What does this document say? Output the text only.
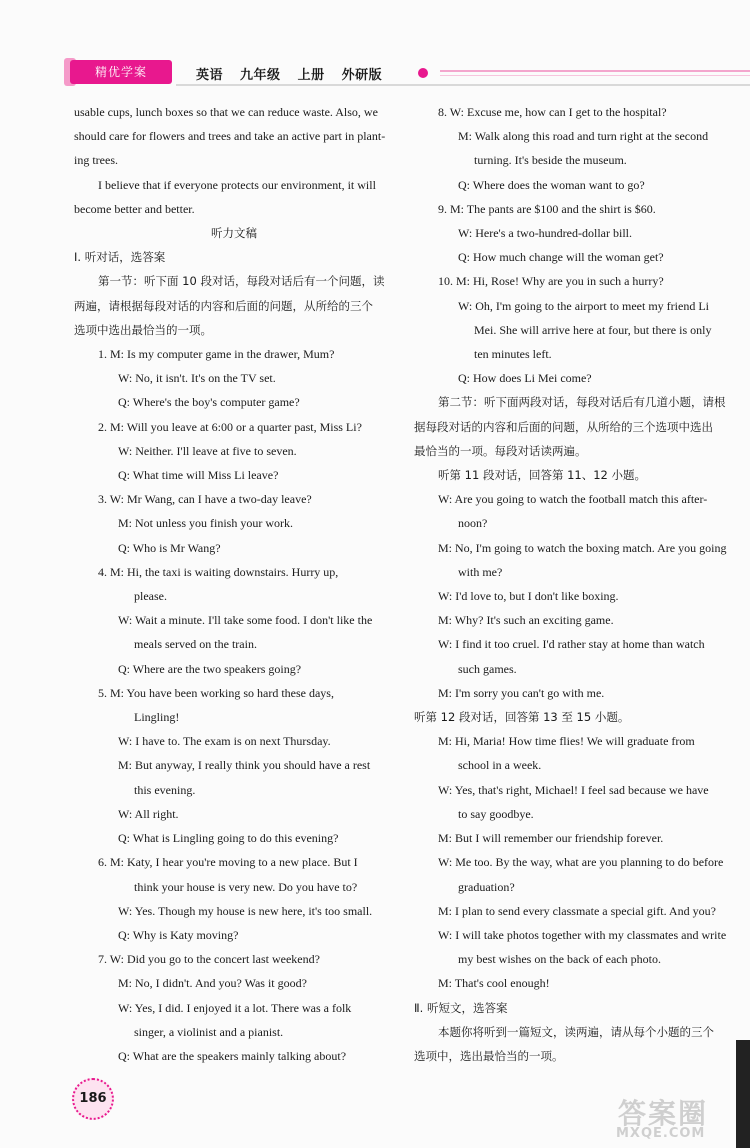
精优学案	英语 九年级 上册 外研版

usable cups, lunch boxes so that we can reduce waste. Also, we

should care for flowers and trees and take an active part in plant-

ing trees.

I believe that if everyone protects our environment, it will

become better and better.

听力文稿

Ⅰ. 听对话，选答案

第一节：听下面 10 段对话，每段对话后有一个问题，读

两遍，请根据每段对话的内容和后面的问题，从所给的三个

选项中选出最恰当的一项。

1. M: Is my computer game in the drawer, Mum?

W: No, it isn't. It's on the TV set.

Q: Where's the boy's computer game?

2. M: Will you leave at 6:00 or a quarter past, Miss Li?

W: Neither. I'll leave at five to seven.

Q: What time will Miss Li leave?

3. W: Mr Wang, can I have a two-day leave?

M: Not unless you finish your work.

Q: Who is Mr Wang?

4. M: Hi, the taxi is waiting downstairs. Hurry up,

please.

W: Wait a minute. I'll take some food. I don't like the

meals served on the train.

Q: Where are the two speakers going?

5. M: You have been working so hard these days,

Lingling!

W: I have to. The exam is on next Thursday.

M: But anyway, I really think you should have a rest

this evening.

W: All right.

Q: What is Lingling going to do this evening?

6. M: Katy, I hear you're moving to a new place. But I

think your house is very new. Do you have to?

W: Yes. Though my house is new here, it's too small.

Q: Why is Katy moving?

7. W: Did you go to the concert last weekend?

M: No, I didn't. And you? Was it good?

W: Yes, I did. I enjoyed it a lot. There was a folk

singer, a violinist and a pianist.

Q: What are the speakers mainly talking about?

8. W: Excuse me, how can I get to the hospital?

M: Walk along this road and turn right at the second

turning. It's beside the museum.

Q: Where does the woman want to go?

9. M: The pants are $100 and the shirt is $60.

W: Here's a two-hundred-dollar bill.

Q: How much change will the woman get?

10. M: Hi, Rose! Why are you in such a hurry?

W: Oh, I'm going to the airport to meet my friend Li

Mei. She will arrive here at four, but there is only

ten minutes left.

Q: How does Li Mei come?

第二节：听下面两段对话，每段对话后有几道小题，请根

据每段对话的内容和后面的问题，从所给的三个选项中选出

最恰当的一项。每段对话读两遍。

听第 11 段对话，回答第 11、12 小题。

W: Are you going to watch the football match this after-

noon?

M: No, I'm going to watch the boxing match. Are you going

with me?

W: I'd love to, but I don't like boxing.

M: Why? It's such an exciting game.

W: I find it too cruel. I'd rather stay at home than watch

such games.

M: I'm sorry you can't go with me.

听第 12 段对话，回答第 13 至 15 小题。

M: Hi, Maria! How time flies! We will graduate from

school in a week.

W: Yes, that's right, Michael! I feel sad because we have

to say goodbye.

M: But I will remember our friendship forever.

W: Me too. By the way, what are you planning to do before

graduation?

M: I plan to send every classmate a special gift. And you?

W: I will take photos together with my classmates and write

my best wishes on the back of each photo.

M: That's cool enough!

Ⅱ. 听短文，选答案

本题你将听到一篇短文，读两遍，请从每个小题的三个

选项中，选出最恰当的一项。

186	答案圈
MXQE.COM
